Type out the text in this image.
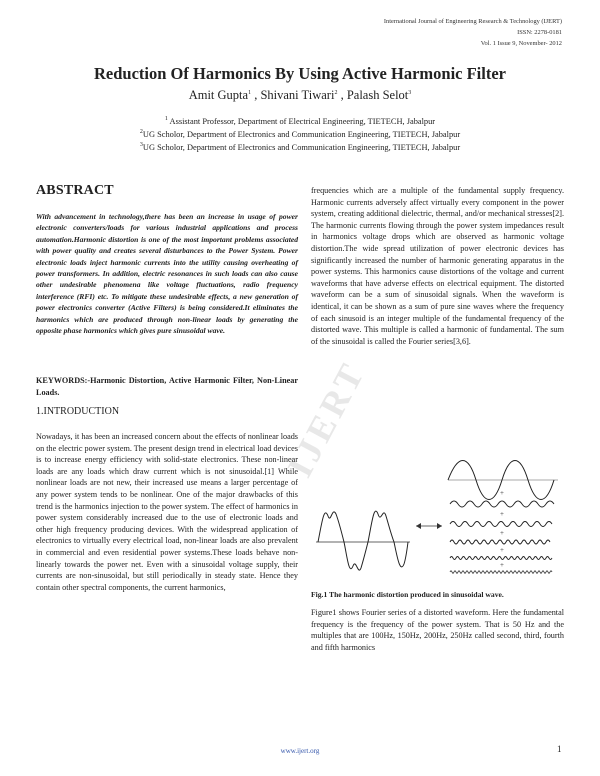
International Journal of Engineering Research & Technology (IJERT)
ISSN: 2278-0181
Vol. 1 Issue 9, November- 2012
IJERT
Reduction Of Harmonics By Using Active Harmonic Filter
Amit Gupta$^1$ , Shivani Tiwari$^2$ , Palash Selot$^3$
$^1$ Assistant Professor, Department of Electrical Engineering, TIETECH, Jabalpur
$^2$UG Scholor, Department of Electronics and Communication Engineering, TIETECH, Jabalpur
$^3$UG Scholor, Department of Electronics and Communication Engineering, TIETECH, Jabalpur
ABSTRACT
With advancement in technology,there has been an increase in usage of power electronic converters/loads for various industrial applications and process automation.Harmonic distortion is one of the most important problems associated with power quality and creates several disturbances to the Power System. Power electronic loads inject harmonic currents into the utility causing overheating of power transformers. In addition, electric resonances in such loads can also cause other undesirable phenomena like voltage fluctuations, radio frequency interference (RFI) etc. To mitigate these undesirable effects, a new generation of power electronics converter (Active Filters) is being considered.It eliminates the harmonics which are produced through non-linear loads by generating the opposite phase harmonics which gives pure sinusoidal wave.
KEYWORDS:-Harmonic Distortion, Active Harmonic Filter, Non-Linear Loads.
1.INTRODUCTION
Nowadays, it has been an increased concern about the effects of nonlinear loads on the electric power system. The present design trend in electrical load devices is to increase energy efficiency with solid-state electronics. These non-linear loads are any loads which draw current which is not sinusoidal.[1] While nonlinear loads are not new, their increased use means a larger percentage of any power system tends to be nonlinear. One of the major drawbacks of this trend is the harmonics injection to the power system. The effect of harmonics in power system considerably increased due to the use of electronic loads and other high frequency producing devices. With the widespread application of electronics to virtually every electrical load, non-linear loads are also prevalent in commercial and even residential power systems.These loads behave non-linearly towards the power net. Even with a sinusoidal voltage supply, their currents are non-sinusoidal, but still periodically in steady state. Hence they contain other spectral components, the current harmonics,
frequencies which are a multiple of the fundamental supply frequency. Harmonic currents adversely affect virtually every component in the power system, creating additional dielectric, thermal, and/or mechanical stresses[2]. The harmonic currents flowing through the power system impedances result in harmonics voltage drops which are observed as harmonic voltage distortion.The wide spread utilization of power electronic devices has significantly increased the number of harmonic generating apparatus in the power systems. This harmonics cause distortions of the voltage and current waveforms that have adverse effects on electrical equipment. The distorted waveform can be a sum of sinusoidal signals. When the waveform is identical, it can be shown as a sum of pure sine waves where the frequency of each sinusoid is an integer multiple of the fundamental frequency of the distorted wave. This multiple is called a harmonic of fundamental. The sum of the sinusoidal is called the Fourier series[3,6].
+
+
+
+
+
Fig.1 The harmonic distortion produced in sinusoidal wave.
Figure1 shows Fourier series of a distorted waveform. Here the fundamental frequency is the frequency of the power system. That is 50 Hz and the multiples that are 100Hz, 150Hz, 200Hz, 250Hz called second, third, fourth and fifth harmonics
www.ijert.org	1
